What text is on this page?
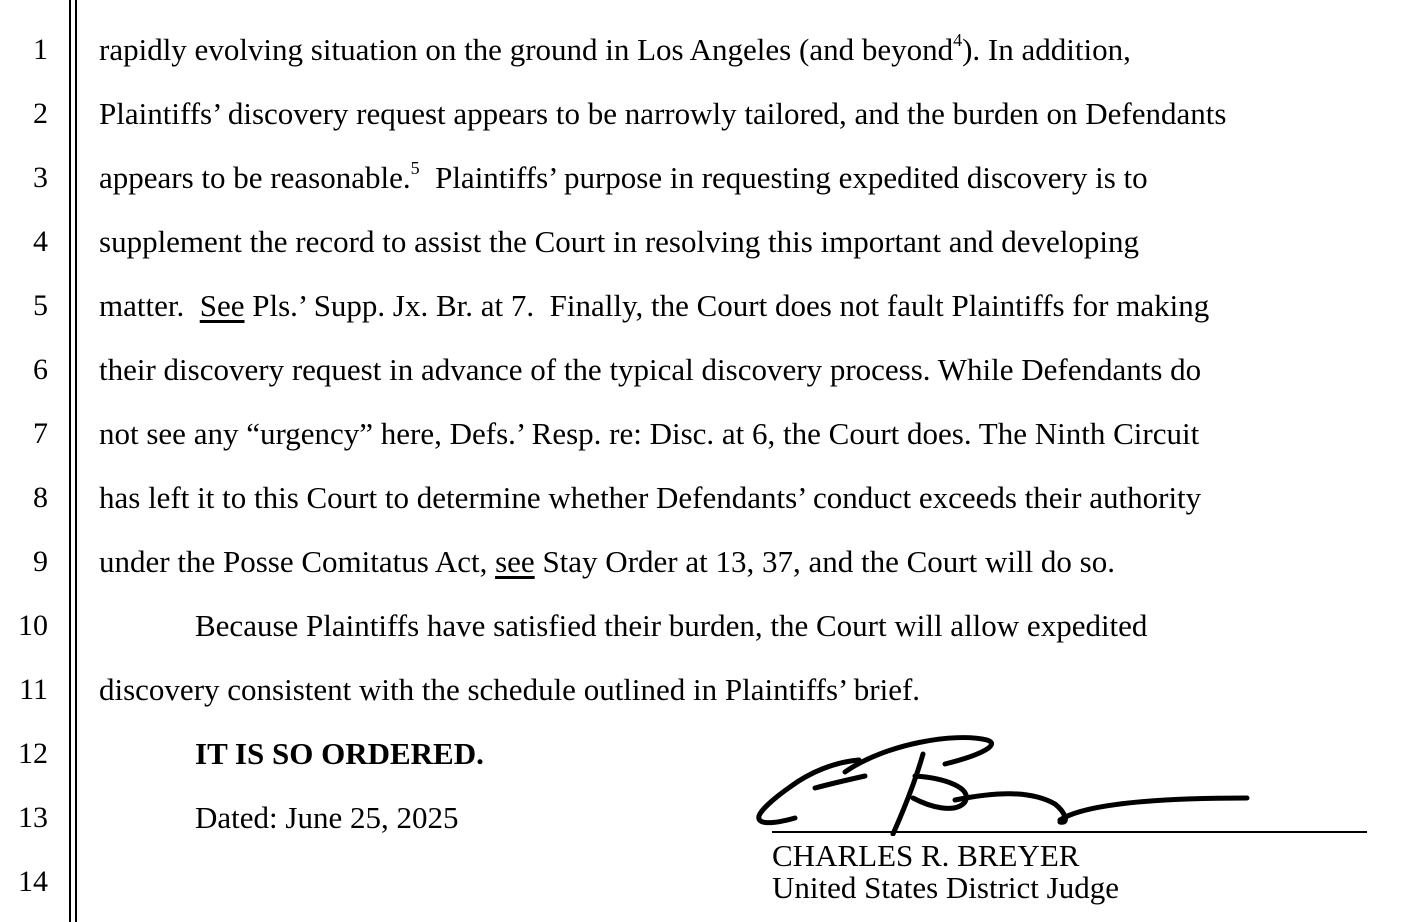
1
2
3
4
5
6
7
8
9
10
11
12
13
14
rapidly evolving situation on the ground in Los Angeles (and beyond$^4$). In addition,
Plaintiffs’ discovery request appears to be narrowly tailored, and the burden on Defendants
appears to be reasonable.$^5$  Plaintiffs’ purpose in requesting expedited discovery is to
supplement the record to assist the Court in resolving this important and developing
matter.  See Pls.’ Supp. Jx. Br. at 7.  Finally, the Court does not fault Plaintiffs for making
their discovery request in advance of the typical discovery process. While Defendants do
not see any “urgency” here, Defs.’ Resp. re: Disc. at 6, the Court does. The Ninth Circuit
has left it to this Court to determine whether Defendants’ conduct exceeds their authority
under the Posse Comitatus Act, see Stay Order at 13, 37, and the Court will do so.
Because Plaintiffs have satisfied their burden, the Court will allow expedited
discovery consistent with the schedule outlined in Plaintiffs’ brief.
IT IS SO ORDERED.
Dated: June 25, 2025
CHARLES R. BREYER
United States District Judge
